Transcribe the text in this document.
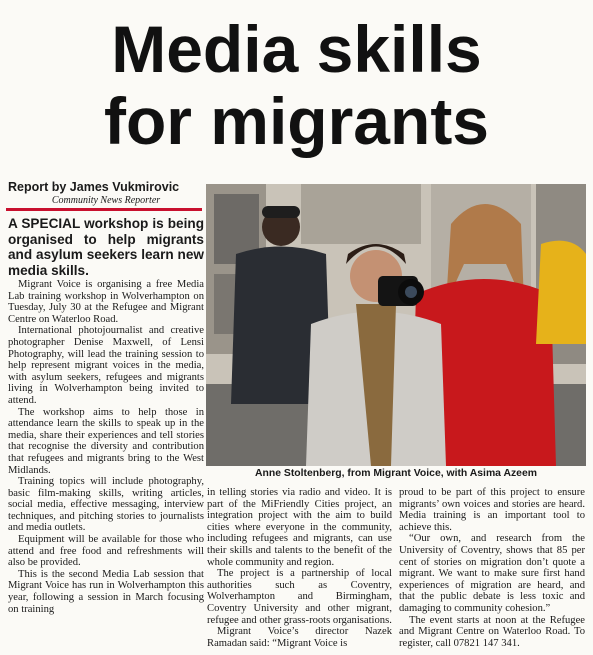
Media skills
for migrants
Report by James Vukmirovic
Community News Reporter
A SPECIAL workshop is being organised to help migrants and asylum seekers learn new media skills.

Migrant Voice is organising a free Media Lab training workshop in Wolverhampton on Tuesday, July 30 at the Refugee and Migrant Centre on Waterloo Road.

International photojournalist and creative photographer Denise Maxwell, of Lensi Photography, will lead the training session to help represent migrant voices in the media, with asylum seekers, refugees and migrants living in Wolverhampton being invited to attend.

The workshop aims to help those in attendance learn the skills to speak up in the media, share their experiences and tell stories that recognise the diversity and contribution that refugees and migrants bring to the West Midlands.

Training topics will include photography, basic film-making skills, writing articles, social media, effective messaging, interview techniques, and pitching stories to journalists and media outlets.

Equipment will be available for those who attend and free food and refreshments will also be provided.

This is the second Media Lab session that Migrant Voice has run in Wolverhampton this year, following a session in March focusing on training

Anne Stoltenberg, from Migrant Voice, with Asima Azeem

in telling stories via radio and video. It is part of the MiFriendly Cities project, an integration project with the aim to build cities where everyone in the community, including refugees and migrants, can use their skills and talents to the benefit of the whole community and region.

The project is a partnership of local authorities such as Coventry, Wolverhampton and Birmingham, Coventry University and other migrant, refugee and other grass-roots organisations.

Migrant Voice’s director Nazek Ramadan said: “Migrant Voice is

proud to be part of this project to ensure migrants’ own voices and stories are heard. Media training is an important tool to achieve this.

“Our own, and research from the University of Coventry, shows that 85 per cent of stories on migration don’t quote a migrant. We want to make sure first hand experiences of migration are heard, and that the public debate is less toxic and damaging to community cohesion.”

The event starts at noon at the Refugee and Migrant Centre on Waterloo Road. To register, call 07821 147 341.
